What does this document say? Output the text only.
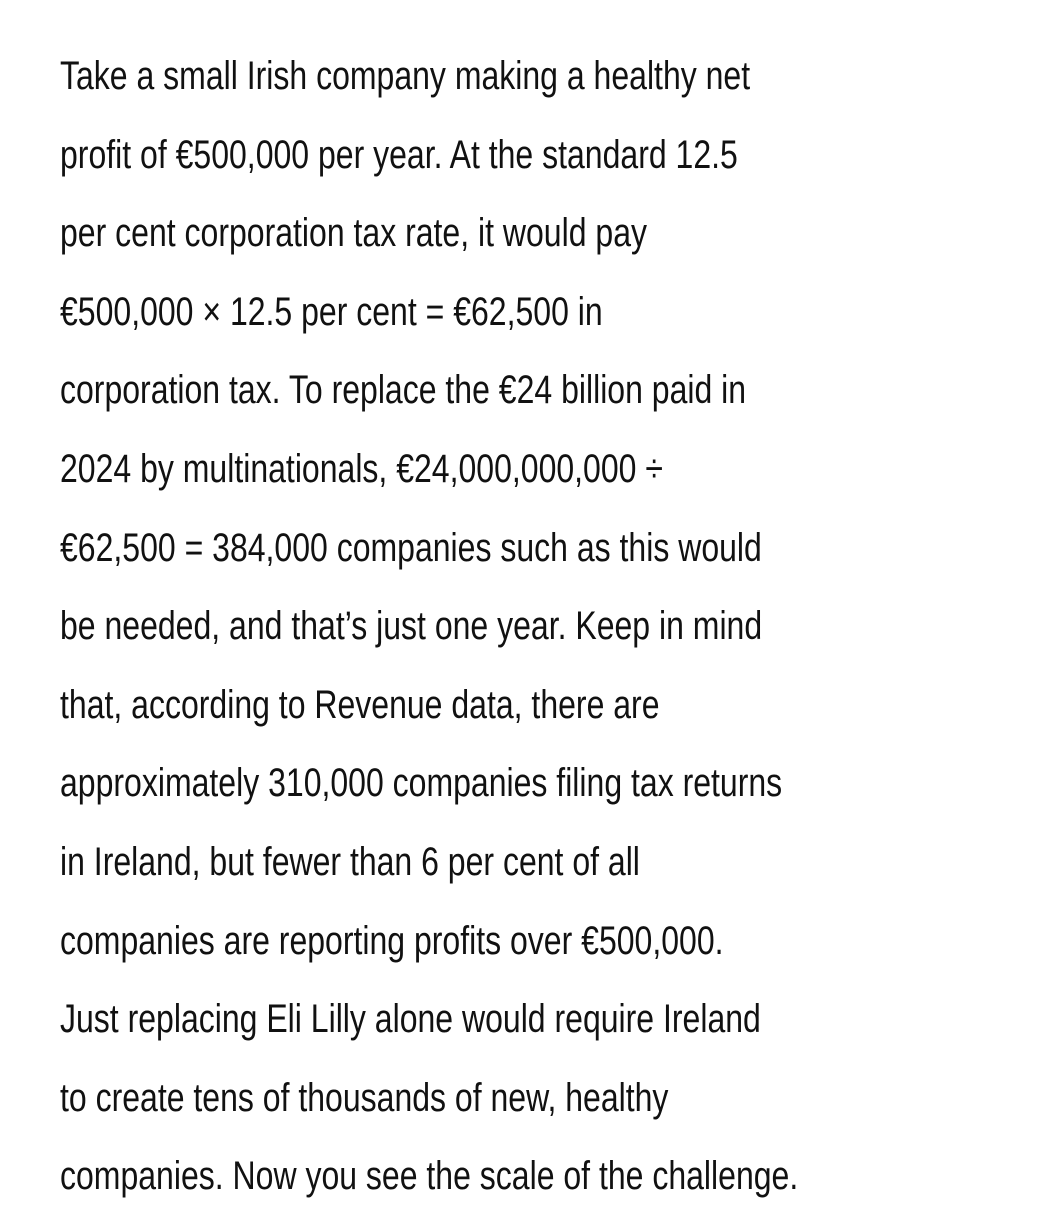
Take a small Irish company making a healthy net
profit of €500,000 per year. At the standard 12.5
per cent corporation tax rate, it would pay
€500,000 × 12.5 per cent = €62,500 in
corporation tax. To replace the €24 billion paid in
2024 by multinationals, €24,000,000,000 ÷
€62,500 = 384,000 companies such as this would
be needed, and that’s just one year. Keep in mind
that, according to Revenue data, there are
approximately 310,000 companies filing tax returns
in Ireland, but fewer than 6 per cent of all
companies are reporting profits over €500,000.
Just replacing Eli Lilly alone would require Ireland
to create tens of thousands of new, healthy
companies. Now you see the scale of the challenge.
